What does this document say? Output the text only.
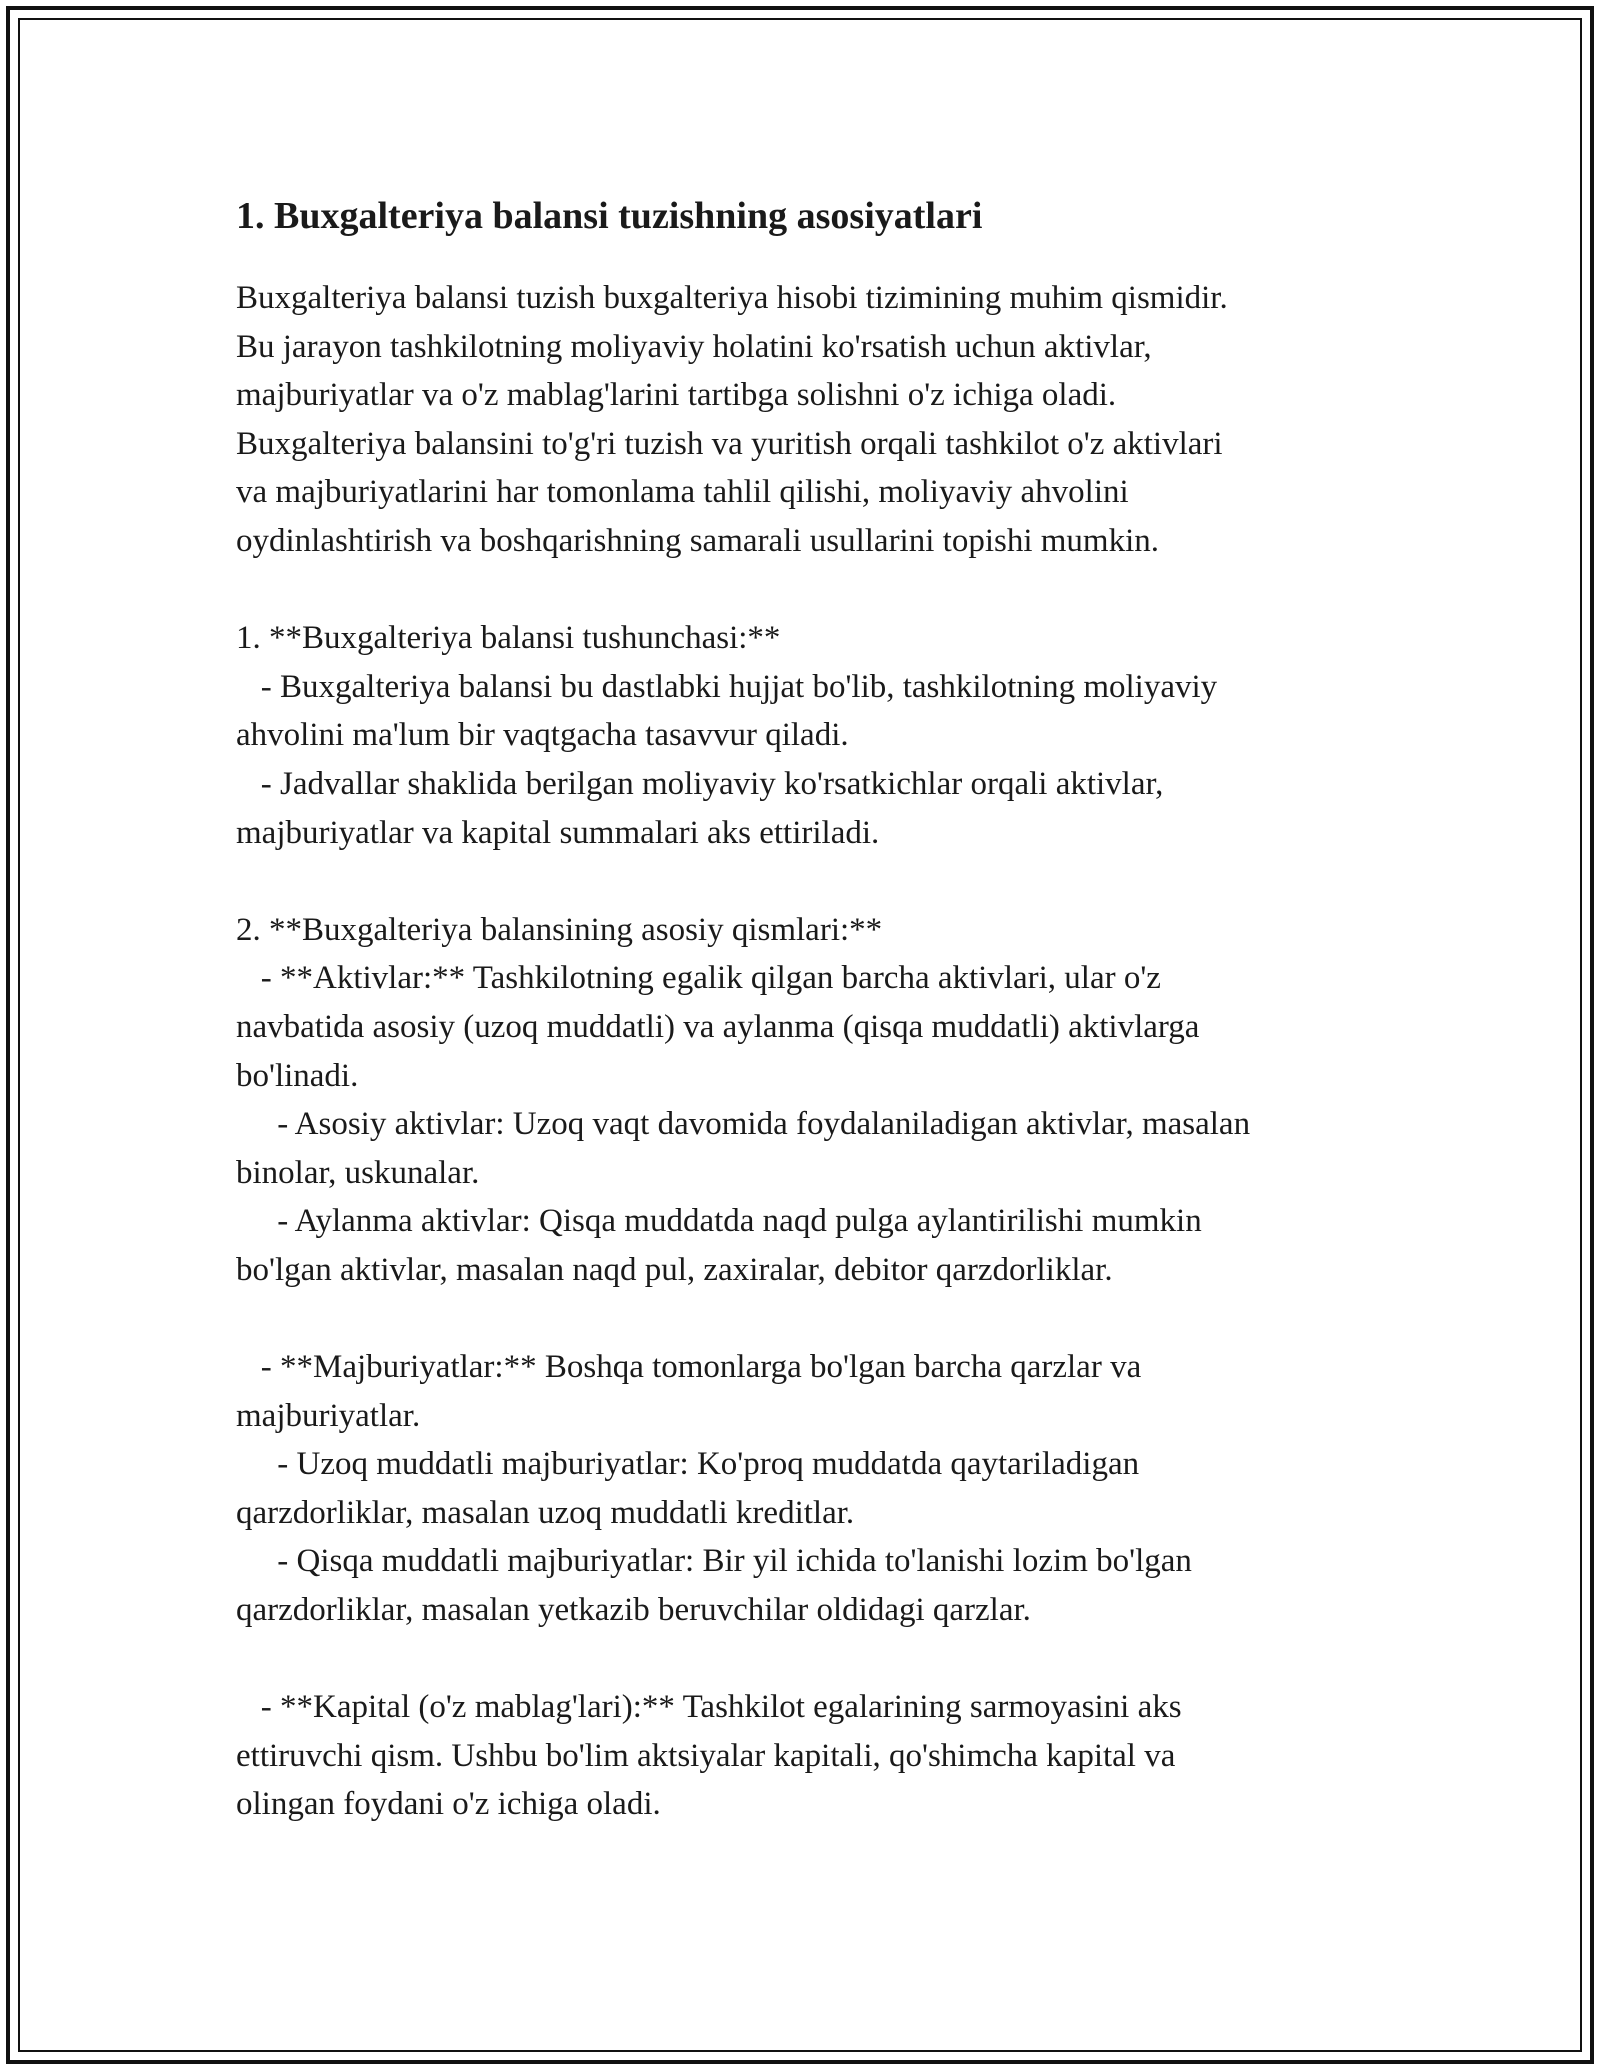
1. Buxgalteriya balansi tuzishning asosiyatlari

Buxgalteriya balansi tuzish buxgalteriya hisobi tizimining muhim qismidir.
Bu jarayon tashkilotning moliyaviy holatini ko'rsatish uchun aktivlar,
majburiyatlar va o'z mablag'larini tartibga solishni o'z ichiga oladi.
Buxgalteriya balansini to'g'ri tuzish va yuritish orqali tashkilot o'z aktivlari
va majburiyatlarini har tomonlama tahlil qilishi, moliyaviy ahvolini
oydinlashtirish va boshqarishning samarali usullarini topishi mumkin.

1. **Buxgalteriya balansi tushunchasi:**
- Buxgalteriya balansi bu dastlabki hujjat bo'lib, tashkilotning moliyaviy
ahvolini ma'lum bir vaqtgacha tasavvur qiladi.
- Jadvallar shaklida berilgan moliyaviy ko'rsatkichlar orqali aktivlar,
majburiyatlar va kapital summalari aks ettiriladi.

2. **Buxgalteriya balansining asosiy qismlari:**
- **Aktivlar:** Tashkilotning egalik qilgan barcha aktivlari, ular o'z
navbatida asosiy (uzoq muddatli) va aylanma (qisqa muddatli) aktivlarga
bo'linadi.
- Asosiy aktivlar: Uzoq vaqt davomida foydalaniladigan aktivlar, masalan
binolar, uskunalar.
- Aylanma aktivlar: Qisqa muddatda naqd pulga aylantirilishi mumkin
bo'lgan aktivlar, masalan naqd pul, zaxiralar, debitor qarzdorliklar.

- **Majburiyatlar:** Boshqa tomonlarga bo'lgan barcha qarzlar va
majburiyatlar.
- Uzoq muddatli majburiyatlar: Ko'proq muddatda qaytariladigan
qarzdorliklar, masalan uzoq muddatli kreditlar.
- Qisqa muddatli majburiyatlar: Bir yil ichida to'lanishi lozim bo'lgan
qarzdorliklar, masalan yetkazib beruvchilar oldidagi qarzlar.

- **Kapital (o'z mablag'lari):** Tashkilot egalarining sarmoyasini aks
ettiruvchi qism. Ushbu bo'lim aktsiyalar kapitali, qo'shimcha kapital va
olingan foydani o'z ichiga oladi.
